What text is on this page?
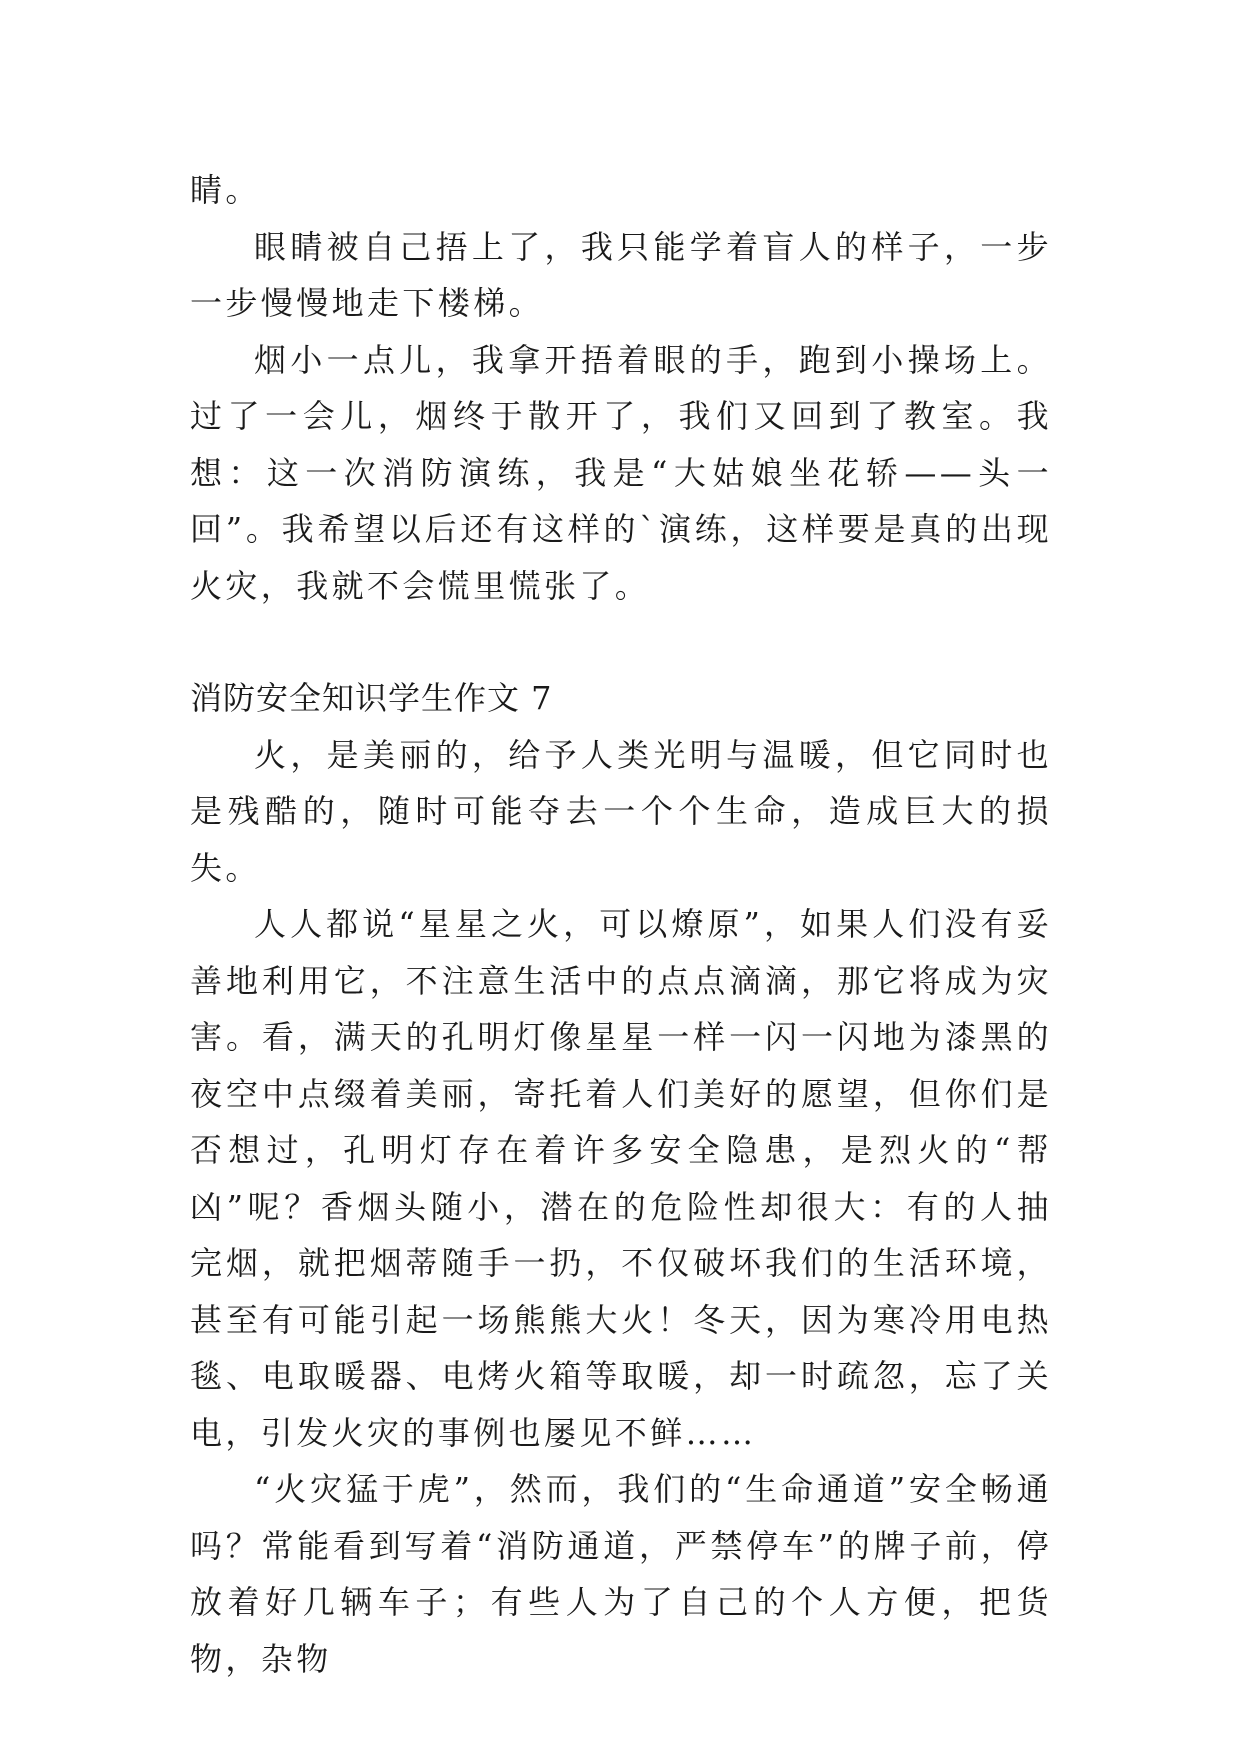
睛。

眼睛被自己捂上了，我只能学着盲人的样子，一步一步慢慢地走下楼梯。

烟小一点儿，我拿开捂着眼的手，跑到小操场上。过了一会儿，烟终于散开了，我们又回到了教室。我想：这一次消防演练，我是“大姑娘坐花轿——头一回”。我希望以后还有这样的`演练，这样要是真的出现火灾，我就不会慌里慌张了。

消防安全知识学生作文 7

火，是美丽的，给予人类光明与温暖，但它同时也是残酷的，随时可能夺去一个个生命，造成巨大的损失。

人人都说“星星之火，可以燎原”，如果人们没有妥善地利用它，不注意生活中的点点滴滴，那它将成为灾害。看，满天的孔明灯像星星一样一闪一闪地为漆黑的夜空中点缀着美丽，寄托着人们美好的愿望，但你们是否想过，孔明灯存在着许多安全隐患，是烈火的“帮凶”呢？香烟头随小，潜在的危险性却很大：有的人抽完烟，就把烟蒂随手一扔，不仅破坏我们的生活环境，甚至有可能引起一场熊熊大火！冬天，因为寒冷用电热毯、电取暖器、电烤火箱等取暖，却一时疏忽，忘了关电，引发火灾的事例也屡见不鲜……

“火灾猛于虎”，然而，我们的“生命通道”安全畅通吗？常能看到写着“消防通道，严禁停车”的牌子前，停放着好几辆车子；有些人为了自己的个人方便，把货物，杂物
